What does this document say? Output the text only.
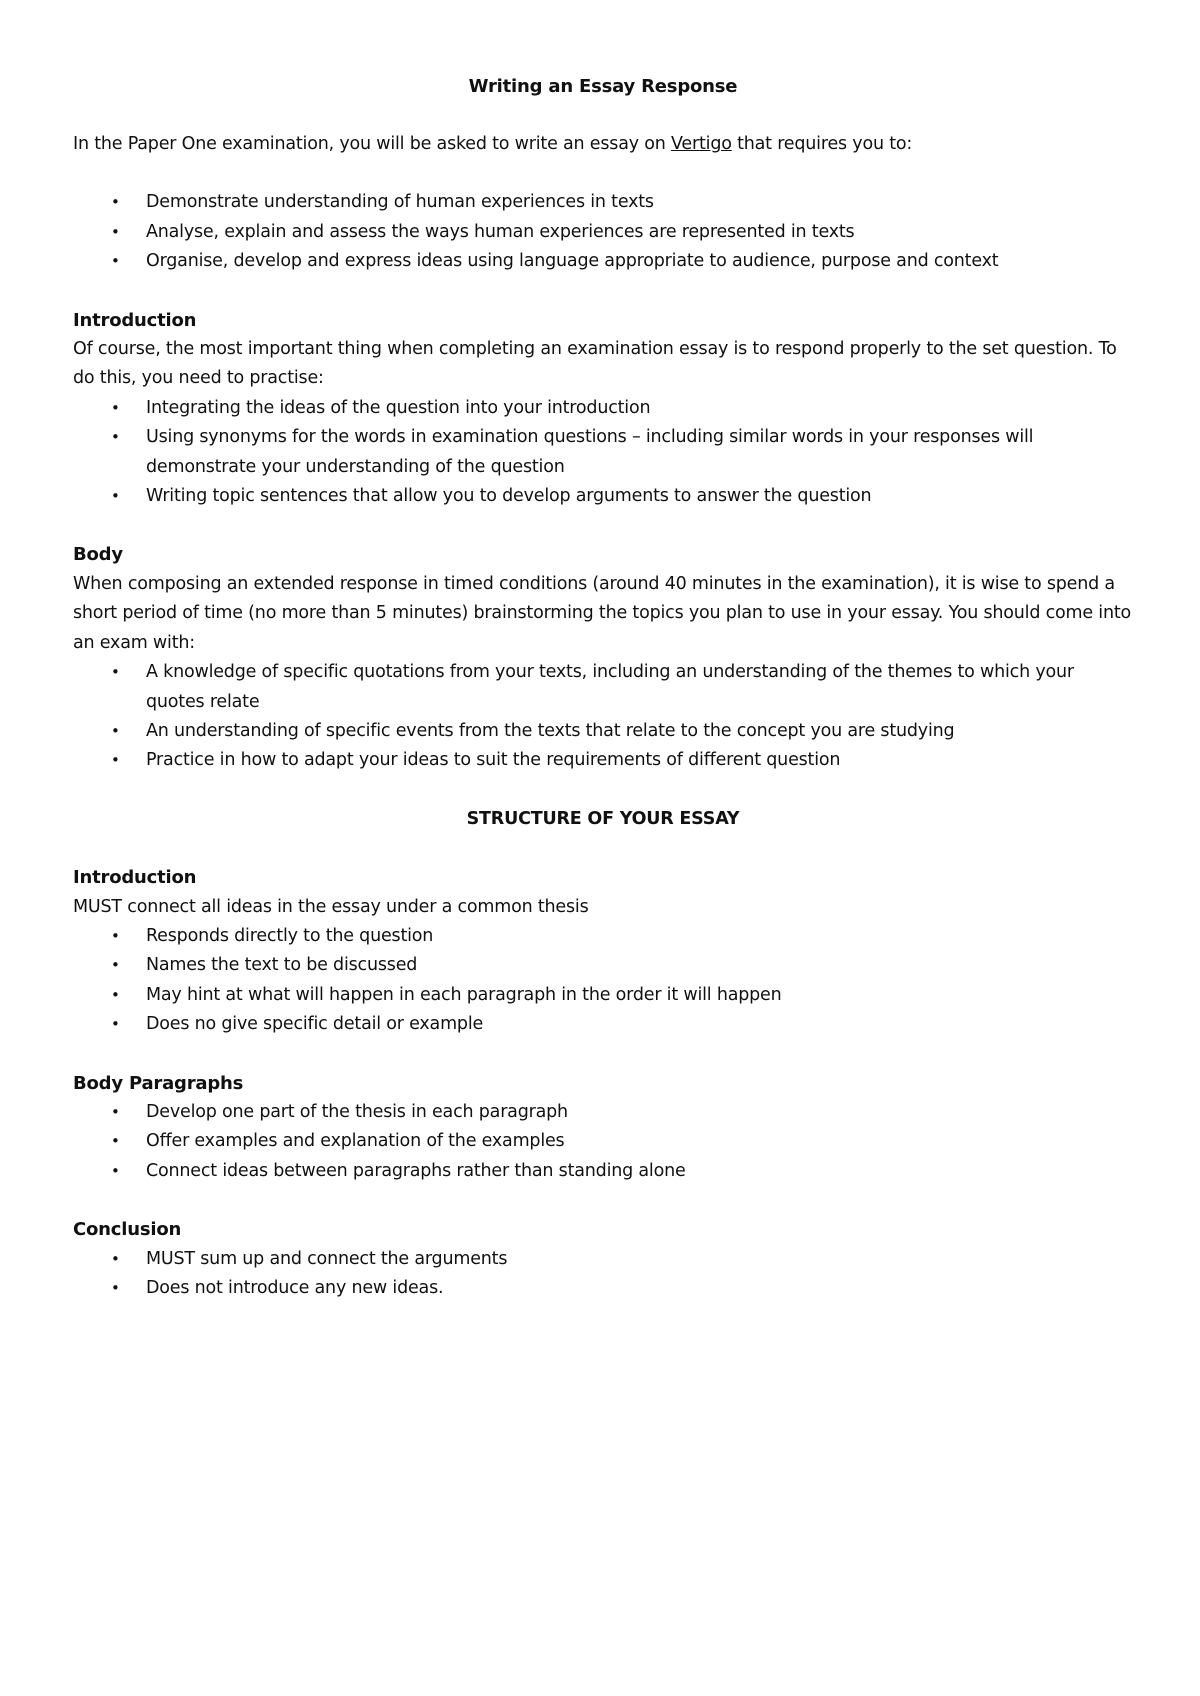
Writing an Essay Response

In the Paper One examination, you will be asked to write an essay on Vertigo that requires you to:

• Demonstrate understanding of human experiences in texts
• Analyse, explain and assess the ways human experiences are represented in texts
• Organise, develop and express ideas using language appropriate to audience, purpose and context

Introduction

Of course, the most important thing when completing an examination essay is to respond properly to the set question. To do this, you need to practise:

• Integrating the ideas of the question into your introduction
• Using synonyms for the words in examination questions – including similar words in your responses will demonstrate your understanding of the question
• Writing topic sentences that allow you to develop arguments to answer the question

Body

When composing an extended response in timed conditions (around 40 minutes in the examination), it is wise to spend a short period of time (no more than 5 minutes) brainstorming the topics you plan to use in your essay. You should come into an exam with:

• A knowledge of specific quotations from your texts, including an understanding of the themes to which your quotes relate
• An understanding of specific events from the texts that relate to the concept you are studying
• Practice in how to adapt your ideas to suit the requirements of different question

STRUCTURE OF YOUR ESSAY

Introduction

MUST connect all ideas in the essay under a common thesis

• Responds directly to the question
• Names the text to be discussed
• May hint at what will happen in each paragraph in the order it will happen
• Does no give specific detail or example

Body Paragraphs

• Develop one part of the thesis in each paragraph
• Offer examples and explanation of the examples
• Connect ideas between paragraphs rather than standing alone

Conclusion

• MUST sum up and connect the arguments
• Does not introduce any new ideas.
